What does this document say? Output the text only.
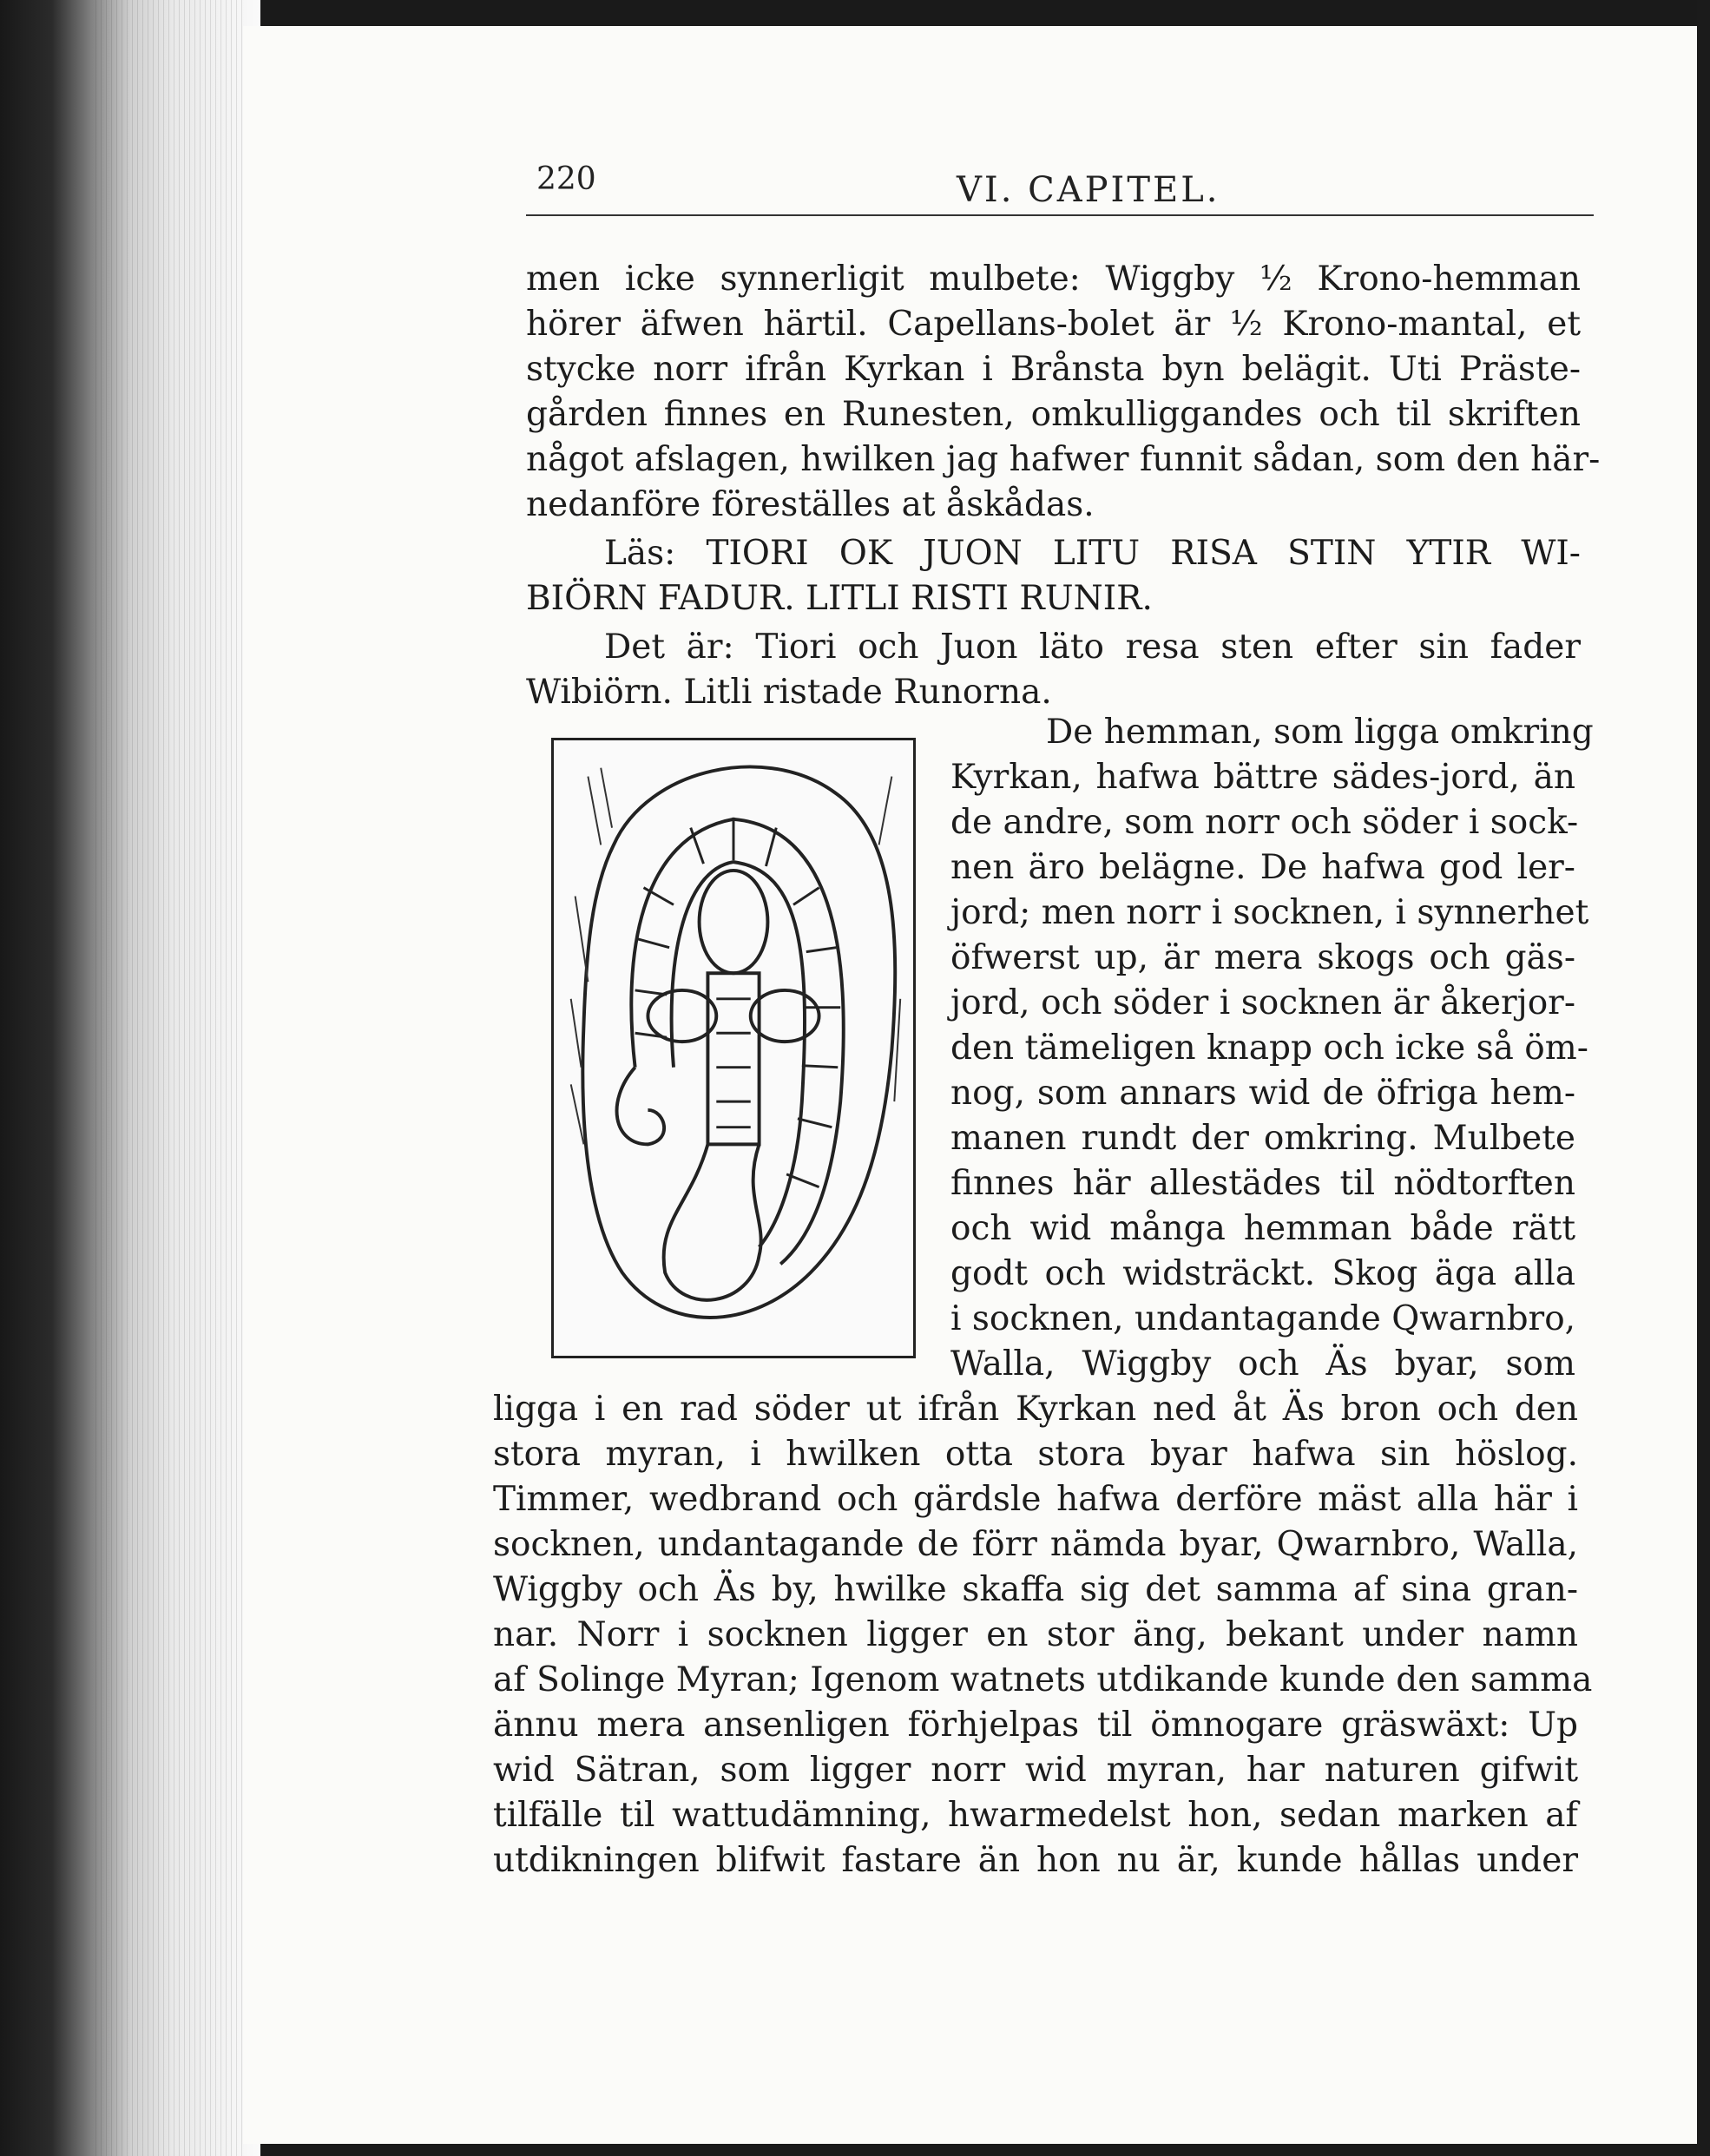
220	VI. CAPITEL.
men icke synnerligit mulbete: Wiggby ½ Krono-hemman
hörer äfwen härtil. Capellans-bolet är ½ Krono-mantal, et
stycke norr ifrån Kyrkan i Brånsta byn belägit. Uti Präste-
gården finnes en Runesten, omkulliggandes och til skriften
något afslagen, hwilken jag hafwer funnit sådan, som den här-
nedanföre föreställes at åskådas.
Läs: TIORI OK JUON LITU RISA STIN YTIR WI-
BIÖRN FADUR. LITLI RISTI RUNIR.
Det är: Tiori och Juon läto resa sten efter sin fader
Wibiörn. Litli ristade Runorna.
De hemman, som ligga omkring
Kyrkan, hafwa bättre sädes-jord, än
de andre, som norr och söder i sock-
nen äro belägne. De hafwa god ler-
jord; men norr i socknen, i synnerhet
öfwerst up, är mera skogs och gäs-
jord, och söder i socknen är åkerjor-
den tämeligen knapp och icke så öm-
nog, som annars wid de öfriga hem-
manen rundt der omkring. Mulbete
finnes här allestädes til nödtorften
och wid många hemman både rätt
godt och widsträckt. Skog äga alla
i socknen, undantagande Qwarnbro,
Walla, Wiggby och Äs byar, som
ligga i en rad söder ut ifrån Kyrkan ned åt Äs bron och den
stora myran, i hwilken otta stora byar hafwa sin höslog.
Timmer, wedbrand och gärdsle hafwa derföre mäst alla här i
socknen, undantagande de förr nämda byar, Qwarnbro, Walla,
Wiggby och Äs by, hwilke skaffa sig det samma af sina gran-
nar. Norr i socknen ligger en stor äng, bekant under namn
af Solinge Myran; Igenom watnets utdikande kunde den samma
ännu mera ansenligen förhjelpas til ömnogare gräswäxt: Up
wid Sätran, som ligger norr wid myran, har naturen gifwit
tilfälle til wattudämning, hwarmedelst hon, sedan marken af
utdikningen blifwit fastare än hon nu är, kunde hållas under
